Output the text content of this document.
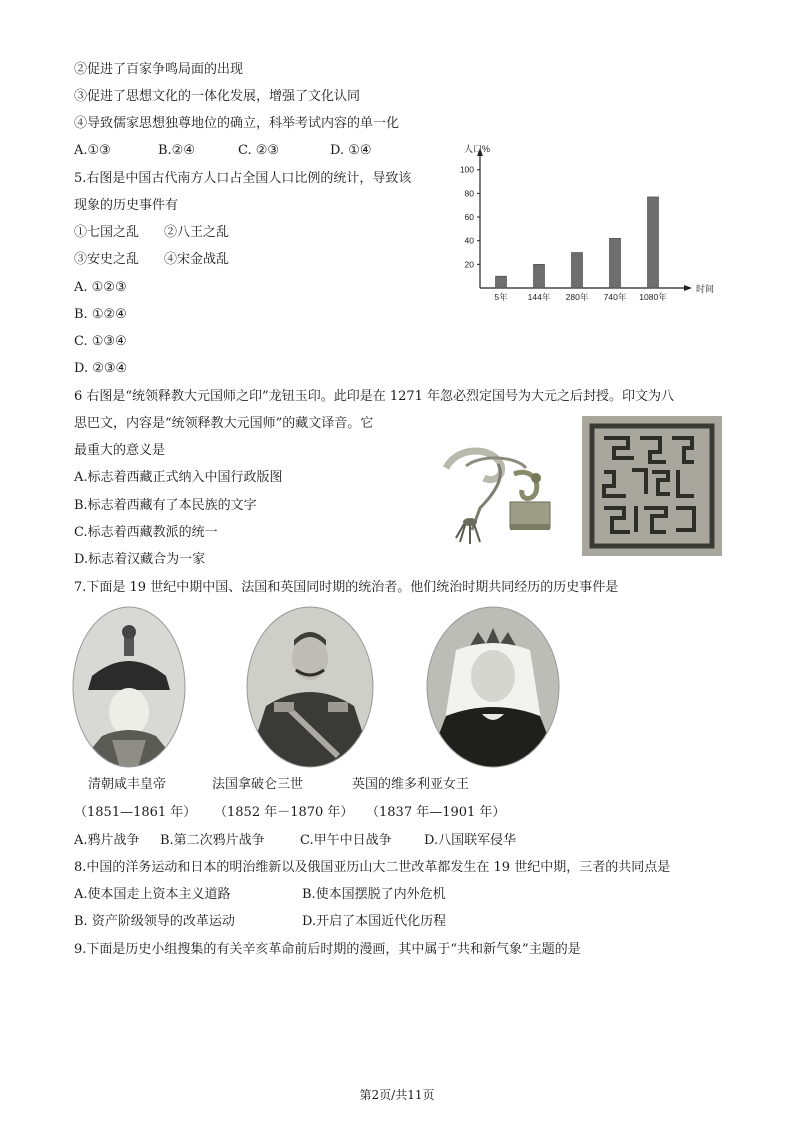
②促进了百家争鸣局面的出现
③促进了思想文化的一体化发展，增强了文化认同
④导致儒家思想独尊地位的确立，科举考试内容的单一化
A.①③	B.②④	C. ②③	D. ①④
5.右图是中国古代南方人口占全国人口比例的统计，导致该
现象的历史事件有
①七国之乱 ②八王之乱
③安史之乱 ④宋金战乱
A. ①②③
B. ①②④
C. ①③④
D. ②③④
人口%
时间
20
40
60
80
100
5年 144年 280年 740年 1080年
6 右图是“统领释教大元国师之印”龙钮玉印。此印是在 1271 年忽必烈定国号为大元之后封授。印文为八
思巴文，内容是“统领释教大元国师”的藏文译音。它
最重大的意义是
A.标志着西藏正式纳入中国行政版图
B.标志着西藏有了本民族的文字
C.标志着西藏教派的统一
D.标志着汉藏合为一家
7.下面是 19 世纪中期中国、法国和英国同时期的统治者。他们统治时期共同经历的历史事件是
清朝咸丰皇帝	法国拿破仑三世	英国的维多利亚女王
（1851—1861 年） （1852 年－1870 年） （1837 年—1901 年）
A.鸦片战争 B.第二次鸦片战争	C.甲午中日战争 D.八国联军侵华
8.中国的洋务运动和日本的明治维新以及俄国亚历山大二世改革都发生在 19 世纪中期，三者的共同点是
A.使本国走上资本主义道路	B.使本国摆脱了内外危机
B. 资产阶级领导的改革运动	D.开启了本国近代化历程
9.下面是历史小组搜集的有关辛亥革命前后时期的漫画，其中属于“共和新气象”主题的是
第2页/共11页
